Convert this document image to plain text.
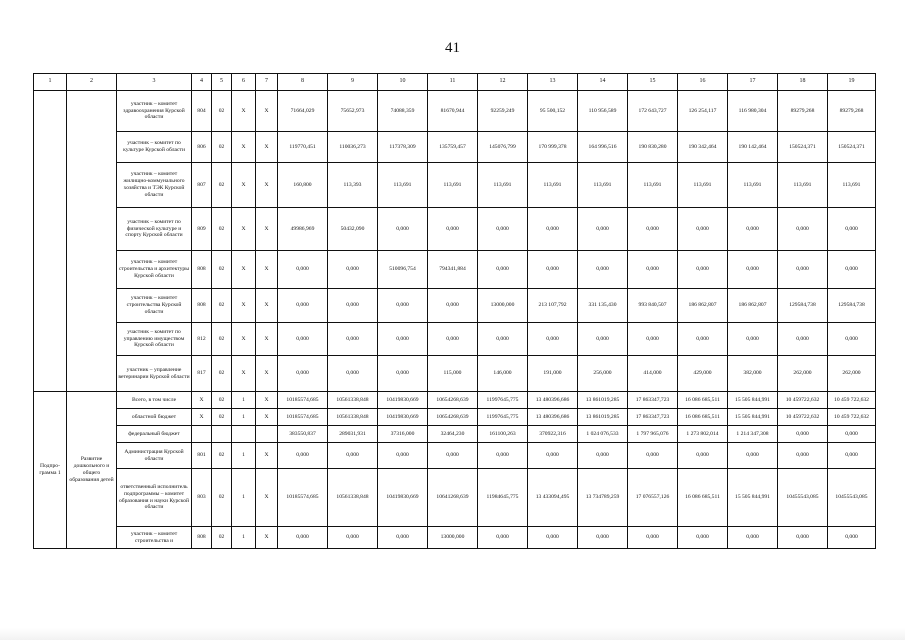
41
1	2	3	4	5	6	7	8	9	10	11	12	13	14	15	16	17	18	19
		участник – комитет здравоохранения Курской области	804	02	Х	Х	71664,029	75652,973	74088,359	81670,944	92259,249	95 500,152	110 956,589	172 643,727	126 254,117	116 980,304	89279,268	89279,268
		участник – комитет по культуре Курской области	806	02	Х	Х	119770,451	110036,273	117378,309	135759,457	145076,799	170 999,378	164 996,516	190 830,280	190 342,464	190 142,464	150524,371	150524,371
		участник – комитет жилищно-коммунального хозяйства и ТЭК Курской области	807	02	Х	Х	160,800	113,393	113,691	113,691	113,691	113,691	113,691	113,691	113,691	113,691	113,691	113,691
		участник – комитет по физической культуре и спорту Курской области	809	02	Х	Х	49986,969	50432,090	0,000	0,000	0,000	0,000	0,000	0,000	0,000	0,000	0,000	0,000
		участник – комитет строительства и архитектуры Курской области	808	02	Х	Х	0,000	0,000	510096,754	794341,884	0,000	0,000	0,000	0,000	0,000	0,000	0,000	0,000
		участник – комитет строительства Курской области	808	02	Х	Х	0,000	0,000	0,000	0,000	13000,000	213 107,792	331 135,430	993 840,507	186 862,807	186 862,807	129584,738	129584,738
		участник – комитет по управлению имуществом Курской области	812	02	Х	Х	0,000	0,000	0,000	0,000	0,000	0,000	0,000	0,000	0,000	0,000	0,000	0,000
		участник – управление ветеринарии Курской области	817	02	Х	Х	0,000	0,000	0,000	115,000	146,000	191,000	256,000	414,000	429,000	382,000	262,000	262,000
Подпро-грамма 1	Развитие дошкольного и общего образования детей	Всего, в том числе	Х	02	1	Х	10185574,685	10561338,848	10419830,669	10654268,639	11997645,775	13 480396,686	13 861019,285	17 863347,723	16 086 685,511	15 505 844,991	10 459722,632	10 459 722,632
		областной бюджет	Х	02	1	Х	10185574,685	10561338,848	10419830,669	10654268,639	11997645,775	13 480396,686	13 861019,285	17 863347,723	16 086 685,511	15 505 844,991	10 459722,632	10 459 722,632
		федеральный бюджет					383550,837	289031,931	37316,000	32464,230	161100,263	370922,316	1 024 076,533	1 797 965,076	1 273 802,014	1 214 347,308	0,000	0,000
		Администрация Курской области	801	02	1	Х	0,000	0,000	0,000	0,000	0,000	0,000	0,000	0,000	0,000	0,000	0,000	0,000
		ответственный исполнитель подпрограммы – комитет образования и науки Курской области	803	02	1	Х	10185574,685	10561338,848	10419830,669	10641268,639	11984645,775	13 433094,495	13 734789,259	17 076557,126	16 086 685,511	15 505 844,991	10455543,085	10455543,085
		участник – комитет строительства и	808	02	1	Х	0,000	0,000	0,000	13000,000	0,000	0,000	0,000	0,000	0,000	0,000	0,000	0,000
